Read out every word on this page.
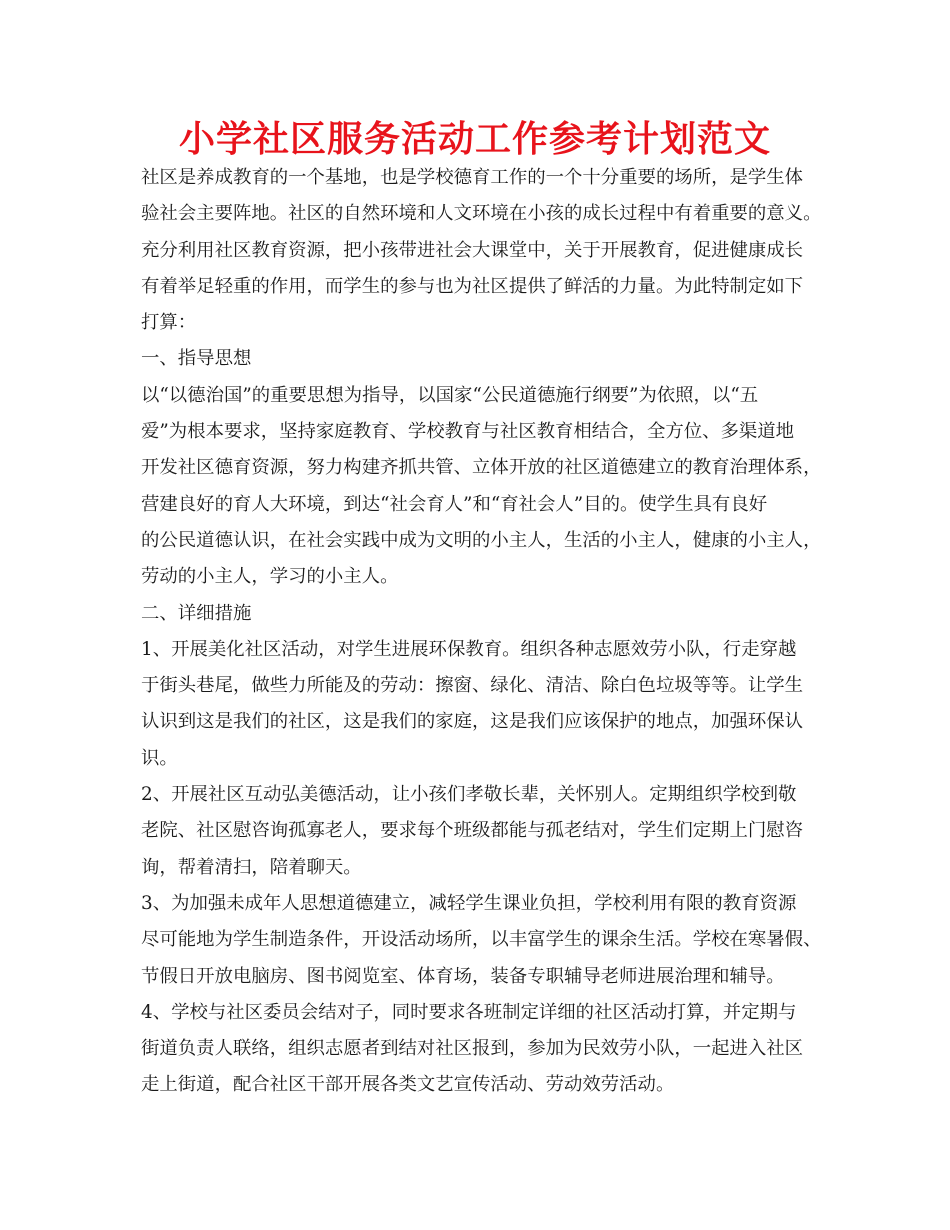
小学社区服务活动工作参考计划范文
社区是养成教育的一个基地，也是学校德育工作的一个十分重要的场所，是学生体
验社会主要阵地。社区的自然环境和人文环境在小孩的成长过程中有着重要的意义。
充分利用社区教育资源，把小孩带进社会大课堂中，关于开展教育，促进健康成长
有着举足轻重的作用，而学生的参与也为社区提供了鲜活的力量。为此特制定如下
打算：
一、指导思想
以“以德治国”的重要思想为指导，以国家“公民道德施行纲要”为依照，以“五
爱”为根本要求，坚持家庭教育、学校教育与社区教育相结合，全方位、多渠道地
开发社区德育资源，努力构建齐抓共管、立体开放的社区道德建立的教育治理体系，
营建良好的育人大环境，到达“社会育人”和“育社会人”目的。使学生具有良好
的公民道德认识，在社会实践中成为文明的小主人，生活的小主人，健康的小主人，
劳动的小主人，学习的小主人。
二、详细措施
1、开展美化社区活动，对学生进展环保教育。组织各种志愿效劳小队，行走穿越
于街头巷尾，做些力所能及的劳动：擦窗、绿化、清洁、除白色垃圾等等。让学生
认识到这是我们的社区，这是我们的家庭，这是我们应该保护的地点，加强环保认
识。
2、开展社区互动弘美德活动，让小孩们孝敬长辈，关怀别人。定期组织学校到敬
老院、社区慰咨询孤寡老人，要求每个班级都能与孤老结对，学生们定期上门慰咨
询，帮着清扫，陪着聊天。
3、为加强未成年人思想道德建立，减轻学生课业负担，学校利用有限的教育资源
尽可能地为学生制造条件，开设活动场所，以丰富学生的课余生活。学校在寒暑假、
节假日开放电脑房、图书阅览室、体育场，装备专职辅导老师进展治理和辅导。
4、学校与社区委员会结对子，同时要求各班制定详细的社区活动打算，并定期与
街道负责人联络，组织志愿者到结对社区报到，参加为民效劳小队，一起进入社区
走上街道，配合社区干部开展各类文艺宣传活动、劳动效劳活动。
